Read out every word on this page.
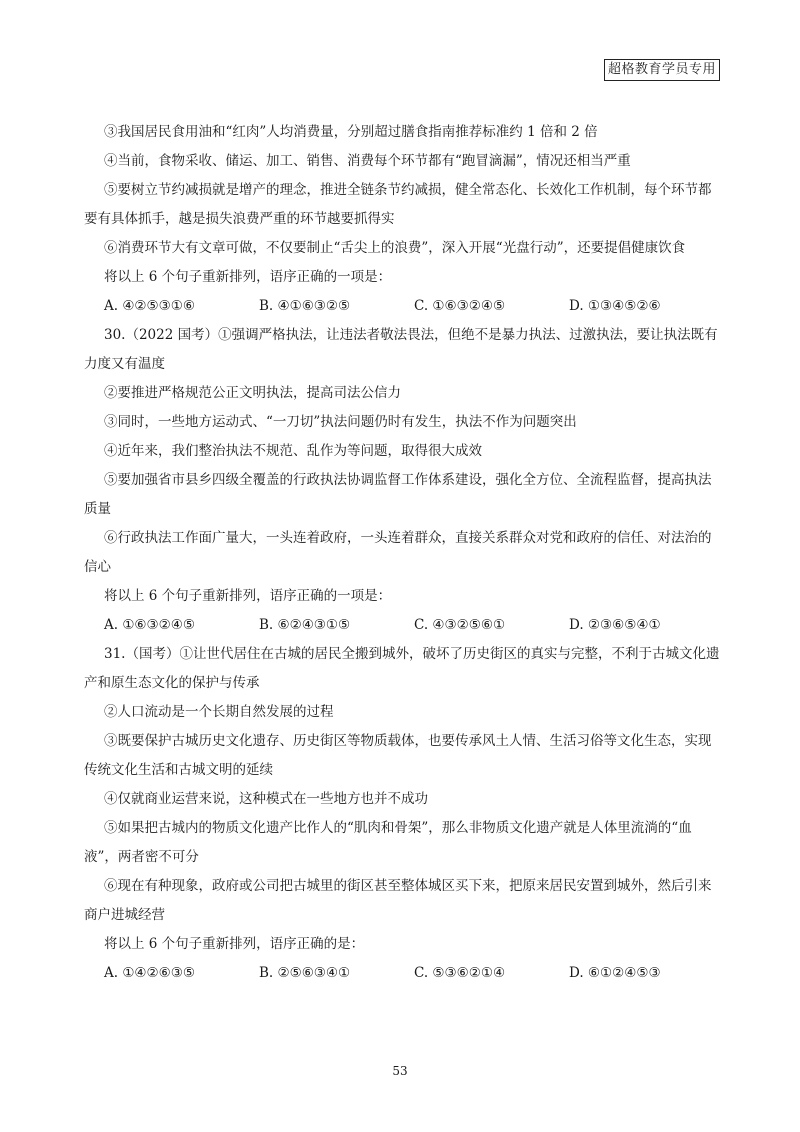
超格教育学员专用

③我国居民食用油和“红肉”人均消费量，分别超过膳食指南推荐标准约 1 倍和 2 倍

④当前，食物采收、储运、加工、销售、消费每个环节都有“跑冒滴漏”，情况还相当严重

⑤要树立节约减损就是增产的理念，推进全链条节约减损，健全常态化、长效化工作机制，每个环节都要有具体抓手，越是损失浪费严重的环节越要抓得实

⑥消费环节大有文章可做，不仅要制止“舌尖上的浪费”，深入开展“光盘行动”，还要提倡健康饮食

将以上 6 个句子重新排列，语序正确的一项是：

A. ④②⑤③①⑥	B. ④①⑥③②⑤	C. ①⑥③②④⑤	D. ①③④⑤②⑥

30.（2022 国考）①强调严格执法，让违法者敬法畏法，但绝不是暴力执法、过激执法，要让执法既有力度又有温度

②要推进严格规范公正文明执法，提高司法公信力

③同时，一些地方运动式、“一刀切”执法问题仍时有发生，执法不作为问题突出

④近年来，我们整治执法不规范、乱作为等问题，取得很大成效

⑤要加强省市县乡四级全覆盖的行政执法协调监督工作体系建设，强化全方位、全流程监督，提高执法质量

⑥行政执法工作面广量大，一头连着政府，一头连着群众，直接关系群众对党和政府的信任、对法治的信心

将以上 6 个句子重新排列，语序正确的一项是：

A. ①⑥③②④⑤	B. ⑥②④③①⑤	C. ④③②⑤⑥①	D. ②③⑥⑤④①

31.（国考）①让世代居住在古城的居民全搬到城外，破坏了历史街区的真实与完整，不利于古城文化遗产和原生态文化的保护与传承

②人口流动是一个长期自然发展的过程

③既要保护古城历史文化遗存、历史街区等物质载体，也要传承风土人情、生活习俗等文化生态，实现传统文化生活和古城文明的延续

④仅就商业运营来说，这种模式在一些地方也并不成功

⑤如果把古城内的物质文化遗产比作人的“肌肉和骨架”，那么非物质文化遗产就是人体里流淌的“血液”，两者密不可分

⑥现在有种现象，政府或公司把古城里的街区甚至整体城区买下来，把原来居民安置到城外，然后引来商户进城经营

将以上 6 个句子重新排列，语序正确的是：

A. ①④②⑥③⑤	B. ②⑤⑥③④①	C. ⑤③⑥②①④	D. ⑥①②④⑤③
53
